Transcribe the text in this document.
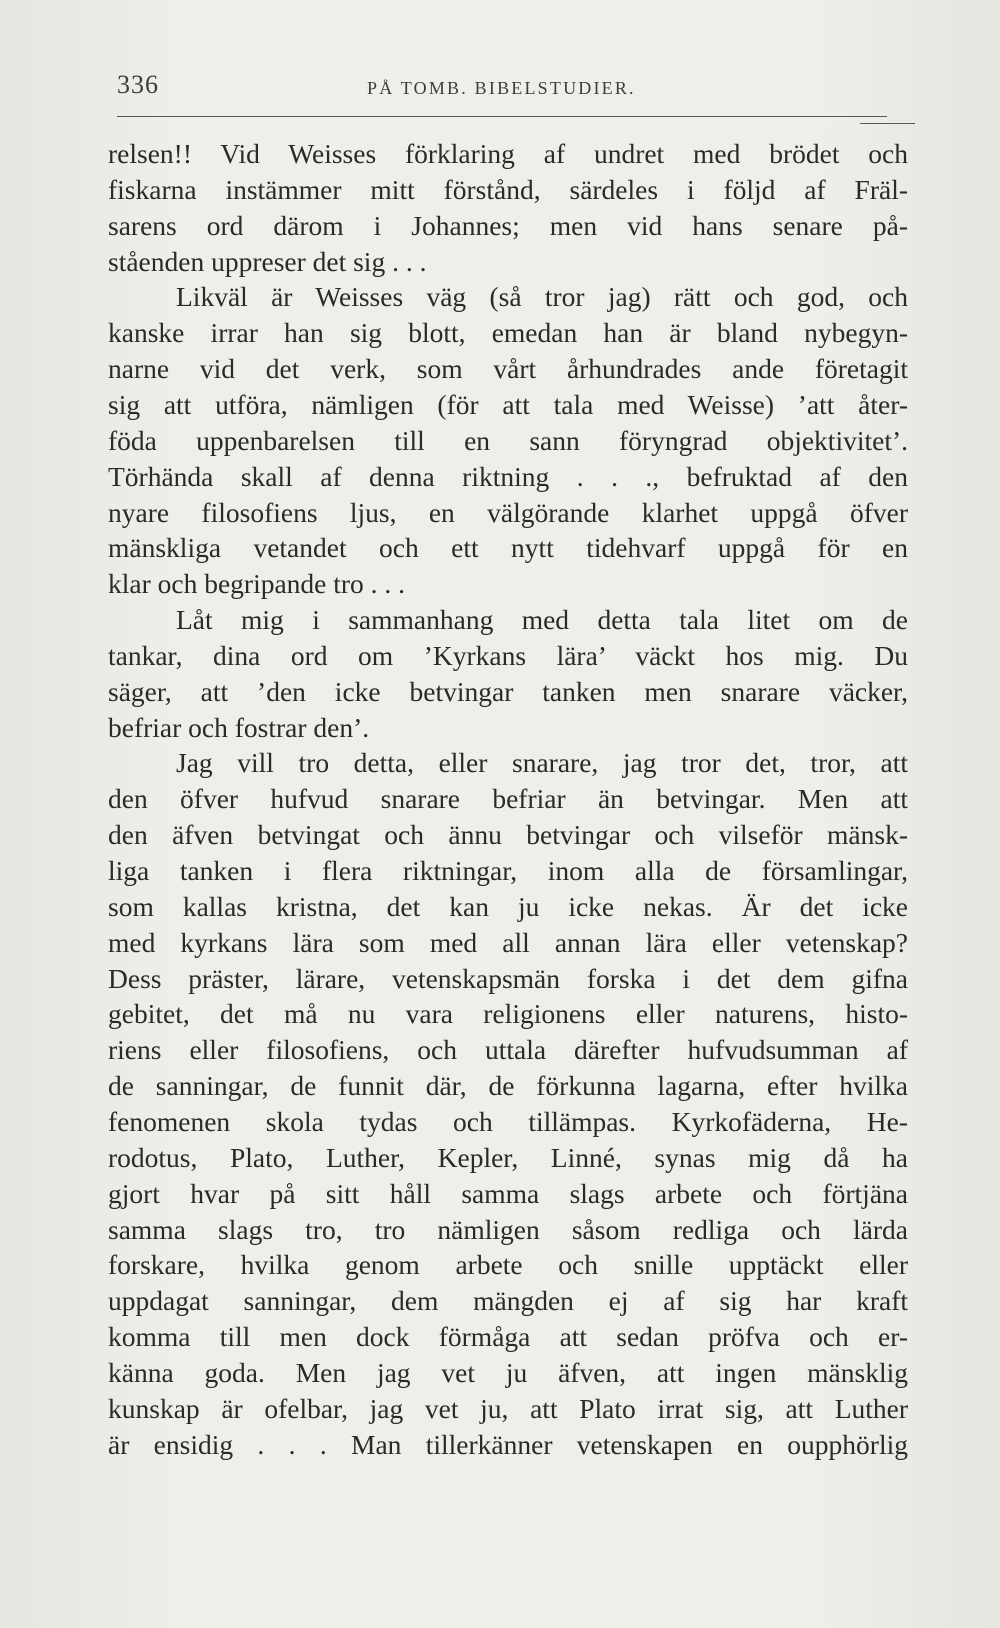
336	PÅ TOMB. BIBELSTUDIER.
relsen!! Vid Weisses förklaring af undret med brödet och
fiskarna instämmer mitt förstånd, särdeles i följd af Fräl-
sarens ord därom i Johannes; men vid hans senare på-
ståenden uppreser det sig . . .
Likväl är Weisses väg (så tror jag) rätt och god, och
kanske irrar han sig blott, emedan han är bland nybegyn-
narne vid det verk, som vårt århundrades ande företagit
sig att utföra, nämligen (för att tala med Weisse) ’att åter-
föda uppenbarelsen till en sann föryngrad objektivitet’.
Törhända skall af denna riktning . . ., befruktad af den
nyare filosofiens ljus, en välgörande klarhet uppgå öfver
mänskliga vetandet och ett nytt tidehvarf uppgå för en
klar och begripande tro . . .
Låt mig i sammanhang med detta tala litet om de
tankar, dina ord om ’Kyrkans lära’ väckt hos mig. Du
säger, att ’den icke betvingar tanken men snarare väcker,
befriar och fostrar den’.
Jag vill tro detta, eller snarare, jag tror det, tror, att
den öfver hufvud snarare befriar än betvingar. Men att
den äfven betvingat och ännu betvingar och vilseför mänsk-
liga tanken i flera riktningar, inom alla de församlingar,
som kallas kristna, det kan ju icke nekas. Är det icke
med kyrkans lära som med all annan lära eller vetenskap?
Dess präster, lärare, vetenskapsmän forska i det dem gifna
gebitet, det må nu vara religionens eller naturens, histo-
riens eller filosofiens, och uttala därefter hufvudsumman af
de sanningar, de funnit där, de förkunna lagarna, efter hvilka
fenomenen skola tydas och tillämpas. Kyrkofäderna, He-
rodotus, Plato, Luther, Kepler, Linné, synas mig då ha
gjort hvar på sitt håll samma slags arbete och förtjäna
samma slags tro, tro nämligen såsom redliga och lärda
forskare, hvilka genom arbete och snille upptäckt eller
uppdagat sanningar, dem mängden ej af sig har kraft
komma till men dock förmåga att sedan pröfva och er-
känna goda. Men jag vet ju äfven, att ingen mänsklig
kunskap är ofelbar, jag vet ju, att Plato irrat sig, att Luther
är ensidig . . . Man tillerkänner vetenskapen en oupphörlig
